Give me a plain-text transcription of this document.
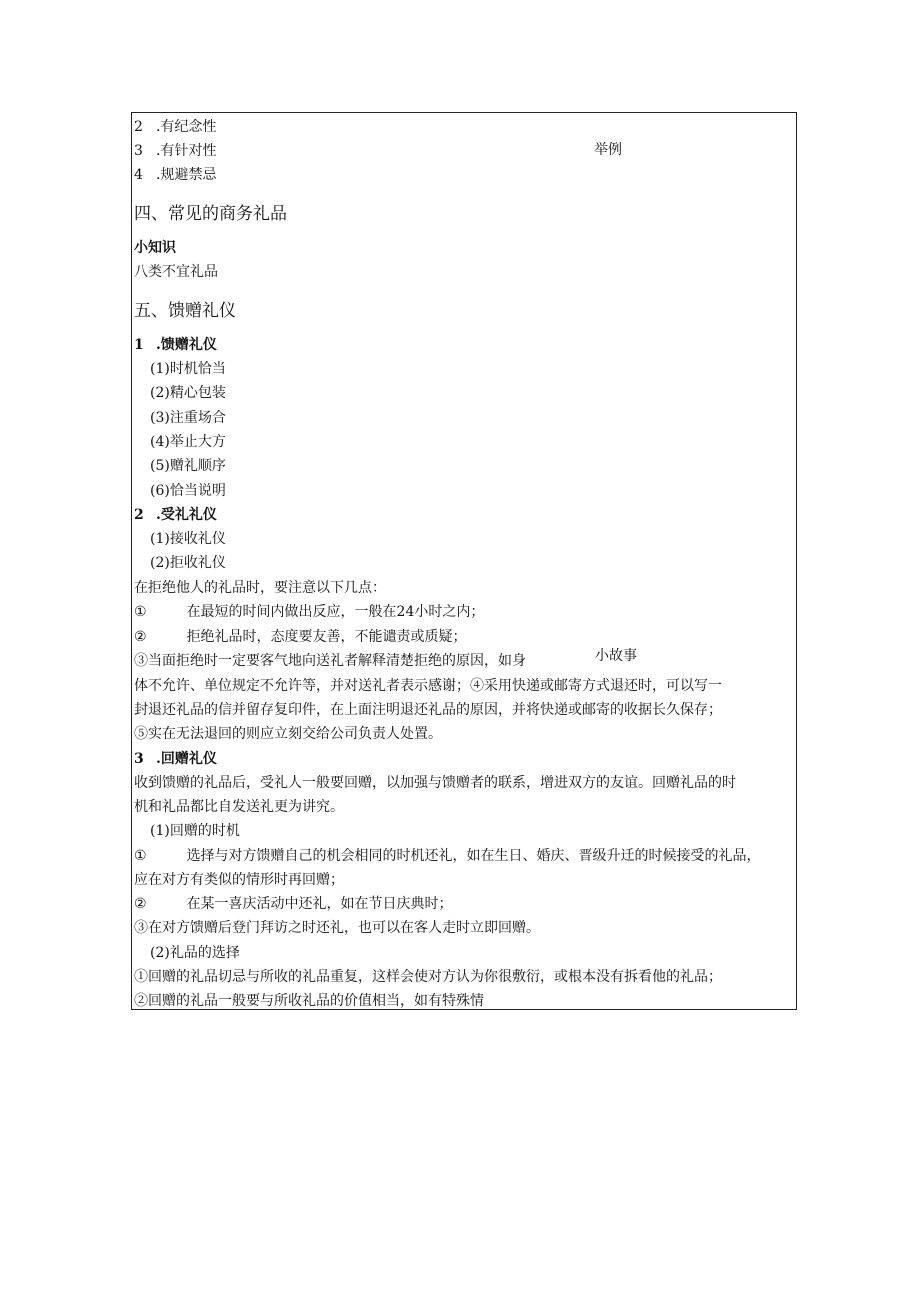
2 .有纪念性
3 .有针对性
4 .规避禁忌
举例
四、常见的商务礼品
小知识
八类不宜礼品
五、馈赠礼仪
1 .馈赠礼仪
(1)时机恰当
(2)精心包装
(3)注重场合
(4)举止大方
(5)赠礼顺序
(6)恰当说明
2 .受礼礼仪
(1)接收礼仪
(2)拒收礼仪
在拒绝他人的礼品时，要注意以下几点：
①	在最短的时间内做出反应，一般在24小时之内；
②	拒绝礼品时，态度要友善，不能谴责或质疑；
③当面拒绝时一定要客气地向送礼者解释清楚拒绝的原因，如身	小故事
体不允许、单位规定不允许等，并对送礼者表示感谢；④采用快递或邮寄方式退还时，可以写一
封退还礼品的信并留存复印件，在上面注明退还礼品的原因，并将快递或邮寄的收据长久保存；
⑤实在无法退回的则应立刻交给公司负责人处置。
3 .回赠礼仪
收到馈赠的礼品后，受礼人一般要回赠，以加强与馈赠者的联系，增进双方的友谊。回赠礼品的时
机和礼品都比自发送礼更为讲究。
(1)回赠的时机
①	选择与对方馈赠自己的机会相同的时机还礼，如在生日、婚庆、晋级升迁的时候接受的礼品，
应在对方有类似的情形时再回赠；
②	在某一喜庆活动中还礼，如在节日庆典时；
③在对方馈赠后登门拜访之时还礼，也可以在客人走时立即回赠。
(2)礼品的选择
①回赠的礼品切忌与所收的礼品重复，这样会使对方认为你很敷衍，或根本没有拆看他的礼品；
②回赠的礼品一般要与所收礼品的价值相当，如有特殊情
